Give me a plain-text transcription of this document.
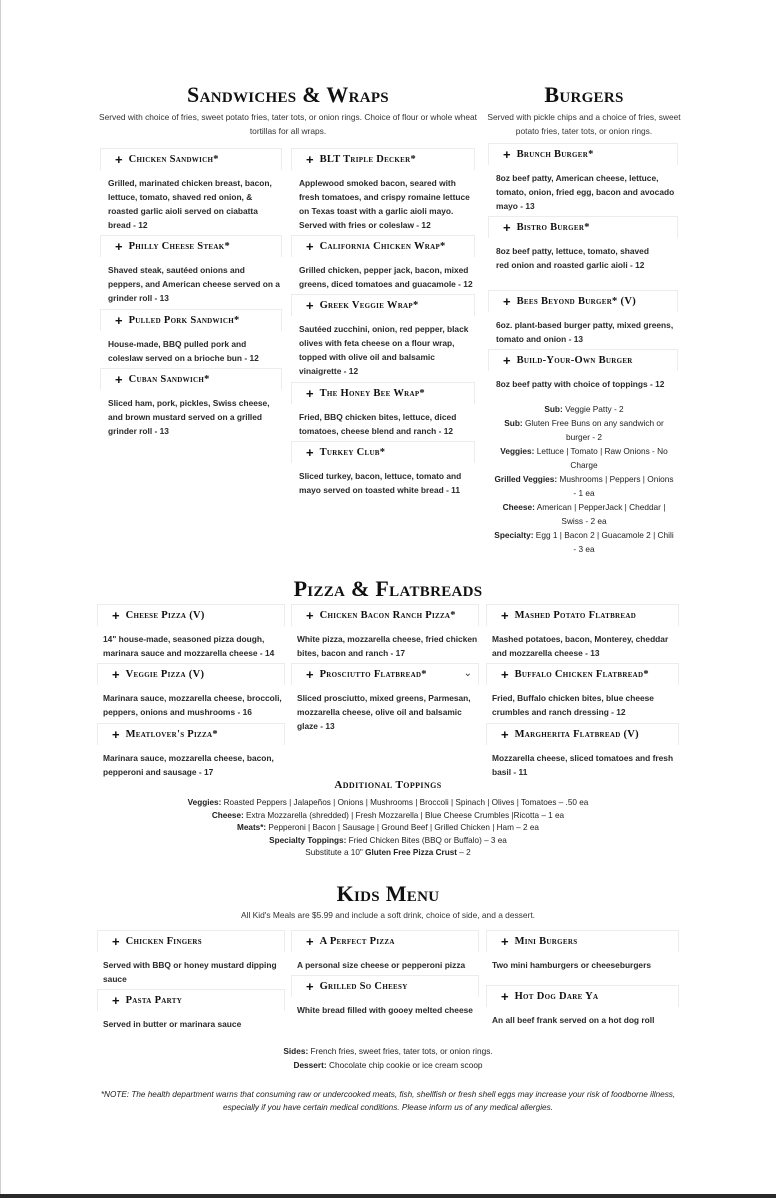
Sandwiches & Wraps
Served with choice of fries, sweet potato fries, tater tots, or onion rings. Choice of flour or whole wheat tortillas for all wraps.
+ Chicken Sandwich*
Grilled, marinated chicken breast, bacon, lettuce, tomato, shaved red onion, & roasted garlic aioli served on ciabatta bread - 12
+ Philly Cheese Steak*
Shaved steak, sautéed onions and peppers, and American cheese served on a grinder roll - 13
+ Pulled Pork Sandwich*
House-made, BBQ pulled pork and coleslaw served on a brioche bun - 12
+ Cuban Sandwich*
Sliced ham, pork, pickles, Swiss cheese, and brown mustard served on a grilled grinder roll - 13
+ BLT Triple Decker*
Applewood smoked bacon, seared with fresh tomatoes, and crispy romaine lettuce on Texas toast with a garlic aioli mayo. Served with fries or coleslaw - 12
+ California Chicken Wrap*
Grilled chicken, pepper jack, bacon, mixed greens, diced tomatoes and guacamole - 12
+ Greek Veggie Wrap*
Sautéed zucchini, onion, red pepper, black olives with feta cheese on a flour wrap, topped with olive oil and balsamic vinaigrette - 12
+ The Honey Bee Wrap*
Fried, BBQ chicken bites, lettuce, diced tomatoes, cheese blend and ranch - 12
+ Turkey Club*
Sliced turkey, bacon, lettuce, tomato and mayo served on toasted white bread - 11
Burgers
Served with pickle chips and a choice of fries, sweet potato fries, tater tots, or onion rings.
+ Brunch Burger*
8oz beef patty, American cheese, lettuce, tomato, onion, fried egg, bacon and avocado mayo - 13
+ Bistro Burger*
8oz beef patty, lettuce, tomato, shaved red onion and roasted garlic aioli - 12
+ Bees Beyond Burger* (V)
6oz. plant-based burger patty, mixed greens, tomato and onion - 13
+ Build-Your-Own Burger
8oz beef patty with choice of toppings - 12
Sub: Veggie Patty - 2
Sub: Gluten Free Buns on any sandwich or burger - 2
Veggies: Lettuce | Tomato | Raw Onions - No Charge
Grilled Veggies: Mushrooms | Peppers | Onions - 1 ea
Cheese: American | PepperJack | Cheddar | Swiss - 2 ea
Specialty: Egg 1 | Bacon 2 | Guacamole 2 | Chili - 3 ea
Pizza & Flatbreads
+ Cheese Pizza (V)
14" house-made, seasoned pizza dough, marinara sauce and mozzarella cheese - 14
+ Veggie Pizza (V)
Marinara sauce, mozzarella cheese, broccoli, peppers, onions and mushrooms - 16
+ Meatlover's Pizza*
Marinara sauce, mozzarella cheese, bacon, pepperoni and sausage - 17
+ Chicken Bacon Ranch Pizza*
White pizza, mozzarella cheese, fried chicken bites, bacon and ranch - 17
+ Prosciutto Flatbread*	⌄
Sliced prosciutto, mixed greens, Parmesan, mozzarella cheese, olive oil and balsamic glaze - 13
+ Mashed Potato Flatbread
Mashed potatoes, bacon, Monterey, cheddar and mozzarella cheese - 13
+ Buffalo Chicken Flatbread*
Fried, Buffalo chicken bites, blue cheese crumbles and ranch dressing - 12
+ Margherita Flatbread (V)
Mozzarella cheese, sliced tomatoes and fresh basil - 11
Additional Toppings
Veggies: Roasted Peppers | Jalapeños | Onions | Mushrooms | Broccoli | Spinach | Olives | Tomatoes – .50 ea
Cheese: Extra Mozzarella (shredded) | Fresh Mozzarella | Blue Cheese Crumbles |Ricotta – 1 ea
Meats*: Pepperoni | Bacon | Sausage | Ground Beef | Grilled Chicken | Ham – 2 ea
Specialty Toppings: Fried Chicken Bites (BBQ or Buffalo) – 3 ea
Substitute a 10" Gluten Free Pizza Crust – 2
Kids Menu
All Kid's Meals are $5.99 and include a soft drink, choice of side, and a dessert.
+ Chicken Fingers
Served with BBQ or honey mustard dipping sauce
+ Pasta Party
Served in butter or marinara sauce
+ A Perfect Pizza
A personal size cheese or pepperoni pizza
+ Grilled So Cheesy
White bread filled with gooey melted cheese
+ Mini Burgers
Two mini hamburgers or cheeseburgers
+ Hot Dog Dare Ya
An all beef frank served on a hot dog roll
Sides: French fries, sweet fries, tater tots, or onion rings.
Dessert: Chocolate chip cookie or ice cream scoop
*NOTE: The health department warns that consuming raw or undercooked meats, fish, shellfish or fresh shell eggs may increase your risk of foodborne illness, especially if you have certain medical conditions. Please inform us of any medical allergies.
